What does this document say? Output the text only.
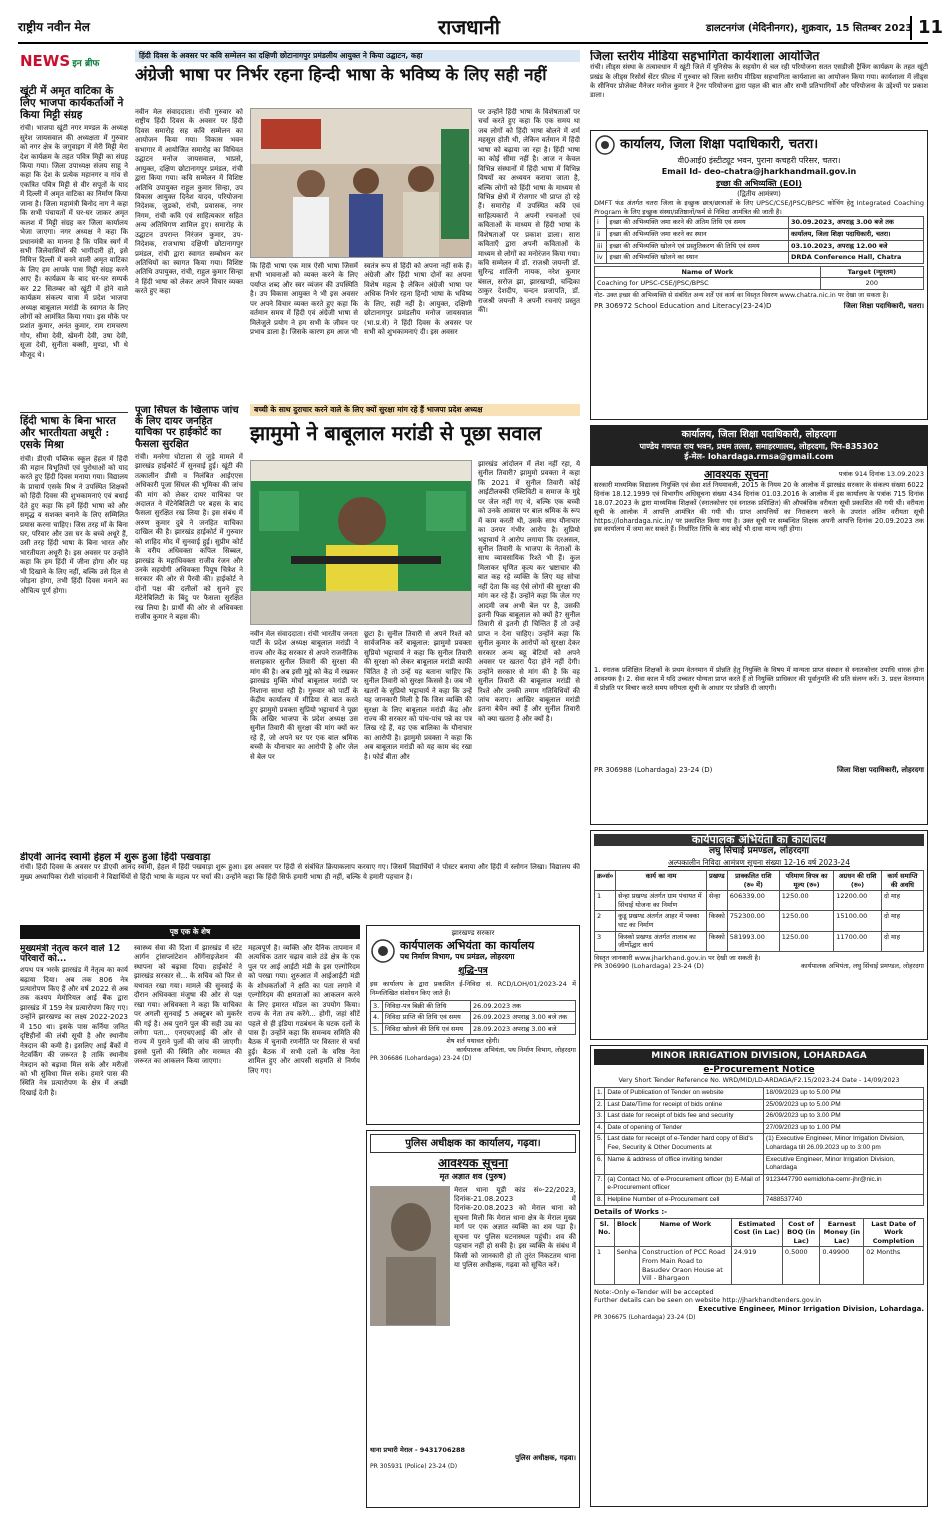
राष्ट्रीय नवीन मेल	राजधानी	डालटनगंज (मेदिनीनगर), शुक्रवार, 15 सितम्बर 2023 11
NEWS इन ब्रीफ
खूंटी में अमृत वाटिका के लिए भाजपा कार्यकर्ताओं ने किया मिट्टी संग्रह
रांची। भाजपा खूंटी नगर मण्डल के अध्यक्ष सुरेश जायसवाल की अध्यक्षता में गुरुवार को नगर क्षेत्र के जगुवाइग में मेरी मिट्टी मेरा देश कार्यक्रम के तहत पवित्र मिट्टी का संग्रह किया गया। जिला उपाध्यक्ष संजय साहू ने कहा कि देश के प्रत्येक महानगर व गांव से एकत्रित पवित्र मिट्टी से वीर सपूतों के याद में दिल्ली में अमृत वाटिका का निर्माण किया जाना है। जिला महामंत्री बिनोद नाग ने कहा कि सभी पंचायतों में घर-घर जाकर अमृत कलश में मिट्टी संग्रह कर जिला कार्यालय भेजा जाएगा। नगर अध्यक्ष ने कहा कि प्रधानमंत्री का मानना है कि पवित्र स्वर्ग में सभी जिलेवासियों की भागीदारी हो, इसे निमित्त दिल्ली में बनने वाली अमृत वाटिका के लिए हम आपके पास मिट्टी संग्रह करने आए हैं। कार्यक्रम के बाद घर-घर सम्पर्क कर 22 सितम्बर को खूंटी में होने वाले कार्यक्रम संकल्प यात्रा में प्रदेश भाजपा अध्यक्ष बाबूलाल मरांडी के स्वागत के लिए लोगों को आमंत्रित किया गया। इस मौके पर प्रशांत कुमार, अनंत कुमार, राम रामचरण गोप, सीमा देवी, खेमनी देवी, उषा देवी, सूजा देवी, सुनीता बक्सी, मुण्डा, भी थे मौजूद थे।
हिंदी भाषा के बिना भारत और भारतीयता अधूरी : एसके मिश्रा
रांची। डीएवी पब्लिक स्कूल हेहल में हिंदी की महान विभूतियों एवं पुरोधाओं को याद करते हुए हिंदी दिवस मनाया गया। विद्यालय के प्राचार्य एसके मिश्र ने उपस्थित शिक्षकों को हिंदी दिवस की शुभकामनाएं एवं बधाई देते हुए कहा कि हमें हिंदी भाषा को और समृद्ध व सशक्त बनाने के लिए सम्मिलित प्रयास करना चाहिए। जिस तरह माँ के बिना घर, परिवार और उस घर के बच्चे अधूरे हैं, उसी तरह हिंदी भाषा के बिना भारत और भारतीयता अधूरी है। इस अवसर पर उन्होंने कहा कि हम हिंदी में जीना होगा और यह भी दिखाने के लिए नहीं, बल्कि उसे दिल से जोड़ना होगा, तभी हिंदी दिवस मनाने का औचित्य पूर्ण होगा।
डीएवी आनंद स्वामी हेहल में शुरू हुआ हिंदी पखवाड़ा
रांची। हिंदी दिवस के अवसर पर डीएवी आनंद स्वामी, हेहल में हिंदी पखवाड़ा शुरू हुआ। इस अवसर पर हिंदी से संबंधित क्रियाकलाप करवाए गए। जिसमें विद्यार्थियों ने पोस्टर बनाया और हिंदी में स्लोगन लिखा। विद्यालय की मुख्य अध्यापिका रोशी चांदवानी ने विद्यार्थियों से हिंदी भाषा के महत्व पर चर्चा की। उन्होंने कहा कि हिंदी सिर्फ हमारी भाषा ही नहीं, बल्कि ये हमारी पहचान है।
हिंदी दिवस के अवसर पर कवि सम्मेलन का दक्षिणी छोटानागपुर प्रमंडलीय आयुक्त ने किया उद्घाटन, कहा
अंग्रेजी भाषा पर निर्भर रहना हिन्दी भाषा के भविष्य के लिए सही नहीं
नवीन मेल संवाददाता। रांची गुरुवार को राष्ट्रीय हिंदी दिवस के अवसर पर हिंदी दिवस समारोह सह कवि सम्मेलन का आयोजन किया गया। विकास भवन सभागार में आयोजित समारोह का विधिवत उद्घाटन मनोज जायसवाल, भाप्रसे, आयुक्त, दक्षिण छोटानागपुर प्रमंडल, रांची द्वारा किया गया। कवि सम्मेलन में विशिष्ट अतिथि उपायुक्त राहुल कुमार सिन्हा, उप विकास आयुक्त दिनेश यादव, परियोजना निदेशक, जुडको, रांची, प्रवासक, नगर निगम, रांची कवि एवं साहित्यकार सहित अन्य अतिथिगण शामिल हुए। समारोह के उद्घाटन उपरान्त निरंजन कुमार, उप-निदेशक, राजभाषा दक्षिणी छोटानागपुर प्रमंडल, रांची द्वारा स्वागत सम्बोधन कर अतिथियों का स्वागत किया गया। विशिष्ट अतिथि उपायुक्त, रांची, राहुल कुमार सिन्हा ने हिंदी भाषा को लेकर अपने विचार व्यक्त करते हुए कहा
कि हिंदी भाषा एक मात्र ऐसी भाषा जिसमें सभी भावनाओं को व्यक्त करने के लिए पर्याप्त शब्द और स्वर व्यंजन की उपस्थिति है। उप विकास आयुक्त ने भी इस अवसर पर अपने विचार व्यक्त करते हुए कहा कि वर्तमान समय में हिंदी एवं अंग्रेजी भाषा से मिलेजुले प्रयोग ने हम सभी के जीवन पर प्रभाव डाला है। जिसके कारण हम आज भी
स्वतंत्र रूप से हिंदी को अपना नहीं सके हैं। अंग्रेजी और हिंदी भाषा दोनों का अपना विशेष महत्व है लेकिन अंग्रेजी भाषा पर अधिक निर्भर रहना हिन्दी भाषा के भविष्य के लिए, सही नहीं है। आयुक्त, दक्षिणी छोटानागपुर प्रमंडलीय मनोज जायसवाल (भा.प्र.से) ने हिंदी दिवस के अवसर पर सभी को शुभकामनाएं दी। इस अवसर
पर उन्होंने हिंदी भाषा के विशेषताओं पर चर्चा करते हुए कहा कि एक समय था जब लोगों को हिंदी भाषा बोलने में शर्म महसूस होती थी, लेकिन वर्तमान में हिंदी भाषा को बढ़ाया जा रहा है। हिंदी भाषा का कोई सीमा नहीं है। आज न केवल विभिन्न संस्थानों में हिंदी भाषा में विभिन्न विषयों का अध्ययन कराया जाता है, बल्कि लोगों को हिंदी भाषा के माध्यम से विभिन्न क्षेत्रों में रोजगार भी प्राप्त हो रहे हैं। समारोह में उपस्थित कवि एवं साहित्यकारों ने अपनी रचनाओं एवं कविताओं के माध्यम से हिंदी भाषा के विशेषताओं पर प्रकाश डाला। सारा कविताएँ द्वारा अपनी कविताओं के माध्यम से लोगों का मनोरंजन किया गया। कवि सम्मेलन में डॉ. राजश्री जयन्ती डॉ. सुरिन्द्र शालिनी नायक, नरेश कुमार बंसल, सरोज झा, झारखण्डी, चन्द्रिका ठाकुर देशदीप, चन्दन प्रजापति, डॉ. राजश्री जयन्ती ने अपनी रचनाएं प्रस्तुत की।
पूजा सिंघल के खिलाफ जांच के लिए दायर जनहित याचिका पर हाईकोर्ट का फैसला सुरक्षित
रांची। मनरेगा घोटाला से जुड़े मामले में झारखंड हाईकोर्ट में सुनवाई हुई। खूंटी की तत्कालीन डीसी व निलंबित आईएएस अधिकारी पूजा सिंघल की भूमिका की जांच की मांग को लेकर दायर याचिका पर अदालत ने मेंटेनेबिलिटी पर बहस के बाद फैसला सुरक्षित रख लिया है। इस संबंध में अरुण कुमार दुबे ने जनहित याचिका दाखिल की है। झारखंड हाईकोर्ट में गुरुवार को शाहिद मोद में सुनवाई हुई। सुप्रीम कोर्ट के वरीय अधिवक्ता कपिल सिब्बल, झारखंड के महाधिवक्ता राजीव रंजन और उनके सहयोगी अधिवक्ता पियूष चित्रेश ने सरकार की ओर से पैरवी की। हाईकोर्ट ने दोनों पक्ष की दलीलों को सुनने हुए मेंटेनेबिलिटी के बिंदु पर फैसला सुरक्षित रख लिया है। प्रार्थी की ओर से अधिवक्ता राजीव कुमार ने बहस की।
बच्ची के साथ दुराचार करने वाले के लिए क्यों सुरक्षा मांग रहे हैं भाजपा प्रदेश अध्यक्ष
झामुमो ने बाबूलाल मरांडी से पूछा सवाल
नवीन मेल संवाददाता। रांची भारतीय जनता पार्टी के प्रदेश अध्यक्ष बाबूलाल मरांडी ने राज्य और केंद्र सरकार से अपने राजनीतिक सलाहकार सुनील तिवारी की सुरक्षा की मांग की है। अब इसी मुद्दे को केंद्र में रखकर झारखंड मुक्ति मोर्चा बाबूलाल मरांडी पर निशाना साधा रही है। गुरुवार को पार्टी के केंद्रीय कार्यालय में मीडिया से बात करते हुए झामुमो प्रवक्ता सुप्रियो भट्टाचार्य ने पूछा कि अखिर भाजपा के प्रदेश अध्यक्ष उस सुनील तिवारी की सुरक्षा की मांग क्यों कर रहे हैं, जो अपने घर पर एक बाल श्रमिक बच्ची के यौनाचार का आरोपी है और जेल से बेल पर
छूटा है। सुनील तिवारी से अपने रिश्ते को सार्वजनिक करें बाबूलाल: झामुमो प्रवक्ता सुप्रियो भट्टाचार्य ने कहा कि सुनील तिवारी की सुरक्षा को लेकर बाबूलाल मरांडी काफी चिंतित है तो उन्हें यह बताना चाहिए कि सुनील तिवारी को सुरक्षा किससे है। जब भी खतरों के सुप्रियो भट्टाचार्य ने कहा कि उन्हें यह जानकारी मिली है कि जिस व्यक्ति की सुरक्षा के लिए बाबूलाल मरांडी केंद्र और राज्य की सरकार को पांच-पांच पन्ने का पत्र लिख रहे हैं, वह एक बालिका के यौनाचार का आरोपी है। झामुमो प्रवक्ता ने कहा कि अब बाबूलाल मरांडी को यह काम बंद रखा है। फोर्ड बीता और
झारखंड आंदोलन में लेश नहीं रहा, ये सुनील तिवारी? झामुमो प्रवक्ता ने कहा कि 2021 में सुनील तिवारी कोई आईटीलक्की एक्टिविटी व समाज के मुद्दे पर जेल नहीं गए थे, बल्कि एक बच्ची को उनके आवास पर बाल श्रमिक के रूप में काम करती थी, उसके साथ यौनाचार का उनपर गंभीर आरोप है। सुप्रियो भट्टाचार्य ने आरोप लगाया कि दरअसल, सुनील तिवारी के भाजपा के नेताओं के साथ व्यावसायिक रिश्ते भी हैं। कुल मिलाकर घृणित कृत्य कर भ्रष्टाचार की बात कह रहे व्यक्ति के लिए यह सोचा नहीं देता कि वह ऐसे लोगों की सुरक्षा की मांग कर रहे हैं। उन्होंने कहा कि जेल गए आदमी जब अभी बेल पर है, उसकी इतनी फिक्र बाबूलाल को क्यों है? सुनील तिवारी से इतनी ही चिन्तित हैं तो उन्हें प्राप्त न देना चाहिए। उन्होंने कहा कि सुनील कुमार के आरोपों को सुरक्षा देकर सरकार अन्य बहू बेटियों को अपने अवसर पर खतरा पैदा होने नहीं देगी। उन्होंने सरकार से मांग की है कि वह सुनील तिवारी की बाबूलाल मरांडी से रिश्ते और उनकी तमाम गतिविधियों की जांच कराए। आखिर बाबूलाल मरांडी इतना बेचैन क्यों हैं और सुनील तिवारी को क्या खतरा है और क्यों है।
पृष्ठ एक के शेष
मुख्यमंत्री नेतृत्व करने वाले 12 परिवारों को...
शपथ पत्र भरके झारखंड में नेतृत्व का कार्य बढ़ाया दिया। अब तक 806 नेत्र प्रत्यारोपण किए हैं और वर्ष 2022 से अब तक कश्यप मेमोरियल आई बैंक द्वारा झारखंड में 159 नेत्र प्रत्यारोपण किए गए। उन्होंने झारखण्ड का लक्ष्य 2022-2023 में 150 था। इसके पास कर्निया जनित दृष्टिहीनों की लंबी सूची है और स्थानीय नेत्रदान की कमी है। इसलिए आई बैंकों में नेटवर्किंग की जरूरत है ताकि स्थानीय नेत्रदान को बढ़ावा मिल सके और मरीजों को भी सुविधा मिल सके। हमारे पास की स्थिति नेत्र प्रत्यारोपण के क्षेत्र में अच्छी दिखाई देती है।
स्वास्थ्य सेवा की दिशा में झारखंड में स्टेट आर्गन ट्रांसप्लांटेशन ऑर्गेनाइजेशन की स्थापना को बढ़ावा दिया। हाईकोर्ट ने झारखंड सरकार से... के सचिव को फिर से यथावत रखा गया। मामले की सुनवाई के दौरान अधिवक्ता मंजुषा की ओर से पक्ष रखा गया। अधिवक्ता ने कहा कि याचिका पर अगली सुनवाई 5 अक्टूबर को मुकर्रर की गई है। अब पुराने पुल की सही उम्र का लगेगा पता... एनएचएआई की ओर से राज्य में पुराने पुलों की जांच की जाएगी। इससे पुलों की स्थिति और मरम्मत की जरूरत का आकलन किया जाएगा।
महत्वपूर्ण है। व्यक्ति और दैनिक तापमान में अत्यधिक उतार चढ़ाव वाले ठंडे क्षेत्र के एक पुल पर आई आईटी मंडी के इस एल्गोरिदम को परखा गया। शुरुआत में आईआईटी मंडी के शोधकर्ताओं ने क्षति का पता लगाने में एल्गोरिदम की क्षमताओं का आकलन करने के लिए इमारत मॉडल का उपयोग किया। राज्य के नेता तय करेंगे... होगी, जहां सीटें पहले से ही इंडिया गठबंधन के घटक दलों के पास हैं। उन्होंने कहा कि समन्वय समिति की बैठक में चुनावी रणनीति पर विस्तार से चर्चा हुई। बैठक में सभी दलों के वरिष्ठ नेता शामिल हुए और आपसी सहमति से निर्णय लिए गए।
झारखण्ड सरकार
कार्यपालक अभियंता का कार्यालय
पथ निर्माण विभाग, पथ प्रमंडल, लोहरदगा
शुद्धि-पत्र
इस कार्यालय के द्वारा प्रकाशित ई-निविदा सं. RCD/LOH/01/2023-24 में निम्नलिखित संशोधन किए जाते हैं।
3.	निविदा-पत्र बिक्री की तिथि	26.09.2023 तक
4.	निविदा प्राप्ति की तिथि एवं समय	26.09.2023 अपराह्न 3.00 बजे तक
5.	निविदा खोलने की तिथि एवं समय	28.09.2023 अपराह्न 3.00 बजे
शेष शर्त यथावत रहेगी।
कार्यपालक अभियंता, पथ निर्माण विभाग, लोहरदगा
PR 306686 (Lohardaga) 23-24 (D)
पुलिस अधीक्षक का कार्यालय, गढ़वा।
आवश्यक सूचना
मृत अज्ञात शव (पुरुष)
मेराल थाना यूडी कांड सं०-22/2023, दिनांक-21.08.2023 में दिनांक-20.08.2023 को मेराल थाना को सूचना मिली कि मेराल थाना क्षेत्र के मेराल मुख्य मार्ग पर एक अज्ञात व्यक्ति का शव पड़ा है। सूचना पर पुलिस घटनास्थल पहुंची। शव की पहचान नहीं हो सकी है। इस व्यक्ति के संबंध में किसी को जानकारी हो तो तुरंत निकटतम थाना या पुलिस अधीक्षक, गढ़वा को सूचित करें।
थाना प्रभारी मेराल - 9431706288
पुलिस अधीक्षक, गढ़वा।
PR 305931 (Police) 23-24 (D)
जिला स्तरीय मीडिया सहभागिता कार्यशाला आयोजित
रांची। लीड्स संस्था के तत्वावधान में खूंटी जिले में यूनिसेफ के सहयोग से चल रही परियोजना सतत एसडीजी ट्रैकिंग कार्यक्रम के तहत खूंटी प्रखंड के लीड्स रिसोर्स सेंटर फ़ील्ड में गुरुवार को जिला स्तरीय मीडिया सहभागिता कार्यशाला का आयोजन किया गया। कार्यशाला में लीड्स के सीनियर प्रोजेक्ट मैनेजर मनोज कुमार ने ट्रेनर परियोजना द्वारा पहल की बात और सभी प्रतिभागियों और परियोजना के उद्देश्यों पर प्रकाश डाला।
कार्यालय, जिला शिक्षा पदाधिकारी, चतरा।
वी0आई0 इंस्टीट्यूट भवन, पुराना कचहरी परिसर, चतरा।
Email Id- deo-chatra@jharkhandmail.gov.in
इच्छा की अभिव्यक्ति (EOI)
(द्वितीय आमंत्रण)
DMFT फंड अंतर्गत चतरा जिला के इच्छुक छात्र/छात्राओं के लिए UPSC/CSE/JPSC/BPSC कोचिंग हेतु Integrated Coaching Program के लिए इच्छुक संस्था/प्रतिष्ठानों/फर्म से निविदा आमंत्रित की जाती है।
i	इच्छा की अभिव्यक्ति जमा करने की अंतिम तिथि एवं समय	30.09.2023, अपराह्न 3.00 बजे तक
ii	इच्छा की अभिव्यक्ति जमा करने का स्थान	कार्यालय, जिला शिक्षा पदाधिकारी, चतरा।
iii	इच्छा की अभिव्यक्ति खोलने एवं प्रस्तुतिकरण की तिथि एवं समय	03.10.2023, अपराह्न 12.00 बजे
iv	इच्छा की अभिव्यक्ति खोलने का स्थान	DRDA Conference Hall, Chatra
Name of Work	Target (न्यूनतम)
Coaching for UPSC-CSE/JPSC/BPSC	200
नोट- उक्त इच्छा की अभिव्यक्ति से संबंधित अन्य शर्तें एवं कार्य का विस्तृत विवरण www.chatra.nic.in पर देखा जा सकता है।
PR 306972 School Education and Literacy(23-24)D	जिला शिक्षा पदाधिकारी, चतरा।
कार्यालय, जिला शिक्षा पदाधिकारी, लोहरदगा
पाण्डेय गणपत राय भवन, प्रथम तल्ला, समाहरणालय, लोहरदगा, पिन-835302
ई-मेल- lohardaga.rmsa@gmail.com
आवश्यक सूचना	पत्रांक 914 दिनांक 13.09.2023
सरकारी माध्यमिक विद्यालय नियुक्ति एवं सेवा शर्त नियमावली, 2015 के नियम 20 के आलोक में झारखंड सरकार के संकल्प संख्या 6022 दिनांक 18.12.1999 एवं विभागीय अधिसूचना संख्या 434 दिनांक 01.03.2016 के आलोक में इस कार्यालय के पत्रांक 715 दिनांक 18.07.2023 के द्वारा माध्यमिक शिक्षकों (स्नातकोत्तर एवं स्नातक प्रशिक्षित) की औपबंधिक वरीयता सूची प्रकाशित की गयी थी। वरीयता सूची के आलोक में आपत्ति आमंत्रित की गयी थी। प्राप्त आपत्तियों का निराकरण करने के उपरांत अंतिम वरीयता सूची https://lohardaga.nic.in/ पर प्रकाशित किया गया है। उक्त सूची पर सम्बन्धित शिक्षक अपनी आपत्ति दिनांक 20.09.2023 तक इस कार्यालय में जमा कर सकते हैं। निर्धारित तिथि के बाद कोई भी दावा मान्य नहीं होगा।
1. स्नातक प्रशिक्षित शिक्षकों के प्रथम वेतनमान में प्रोन्नति हेतु नियुक्ति के विषय में मान्यता प्राप्त संस्थान से स्नातकोत्तर उपाधि धारक होना आवश्यक है। 2. सेवा काल में यदि उच्चतर योग्यता प्राप्त करते हैं तो नियुक्ति प्राधिकार की पूर्वानुमति की प्रति संलग्न करें। 3. प्रदत्त वेतनमान में प्रोन्नति पर विचार करते समय वरीयता सूची के आधार पर प्रोन्नति दी जाएगी।
PR 306988 (Lohardaga) 23-24 (D)	जिला शिक्षा पदाधिकारी, लोहरदगा
कार्यपालक अभियंता का कार्यालय
लघु सिंचाई प्रमण्डल, लोहरदगा
अल्पकालीन निविदा आमंत्रण सूचना संख्या 12-16 वर्ष 2023-24
क्र०सं०	कार्य का नाम	प्रखण्ड	प्राक्कलित राशि (रु० में)	परिमाण विपत्र का मूल्य (रु०)	अग्रधन की राशि (रु०)	कार्य समाप्ति की अवधि
1	सेन्हा प्रखण्ड अंतर्गत ग्राम पंचायत में सिंचाई योजना का निर्माण	सेन्हा	606339.00	1250.00	12200.00	दो माह
2	कुडू प्रखण्ड अंतर्गत आहर में पक्का घाट का निर्माण	किस्को	752300.00	1250.00	15100.00	दो माह
3	किस्को प्रखण्ड अंतर्गत तालाब का जीर्णोद्धार कार्य	किस्को	581993.00	1250.00	11700.00	दो माह
विस्तृत जानकारी www.jharkhand.gov.in पर देखी जा सकती है।
PR 306990 (Lohardaga) 23-24 (D)	कार्यपालक अभियंता, लघु सिंचाई प्रमण्डल, लोहरदगा
MINOR IRRIGATION DIVISION, LOHARDAGA
e-Procurement Notice
Very Short Tender Reference No. WRD/MID/LD-ARDAGA/F2.15/2023-24 Date - 14/09/2023
1.	Date of Publication of Tender on website	18/09/2023 up to 5.00 PM
2.	Last Date/Time for receipt of bids online	25/09/2023 up to 5.00 PM
3.	Last date for receipt of bids fee and security	26/09/2023 up to 3.00 PM
4.	Date of opening of Tender	27/09/2023 up to 1.00 PM
5.	Last date for receipt of e-Tender hard copy of Bid's Fee, Security & Other Documents at	(1) Executive Engineer, Minor Irrigation Division, Lohardaga till 26.09.2023 up to 3:00 pm
6.	Name & address of office inviting tender	Executive Engineer, Minor Irrigation Division, Lohardaga
7.	(a) Contact No. of e-Procurement officer (b) E-Mail of e-Procurement officer	9123447790 eemidloha-cemr-jhr@nic.in
8.	Helpline Number of e-Procurement cell	7488537740
Details of Works :-
Sl. No.	Block	Name of Work	Estimated Cost (in Lac)	Cost of BOQ (in Lac)	Earnest Money (in Lac)	Last Date of Work Completion
1	Senha	Construction of PCC Road From Main Road to Basudev Oraon House at Vill - Bhargaon	24.919	0.5000	0.49900	02 Months
Note:-Only e-Tender will be accepted
Further details can be seen on website http://jharkhandtenders.gov.in
Executive Engineer, Minor Irrigation Division, Lohardaga.
PR 306675 (Lohardaga) 23-24 (D)
